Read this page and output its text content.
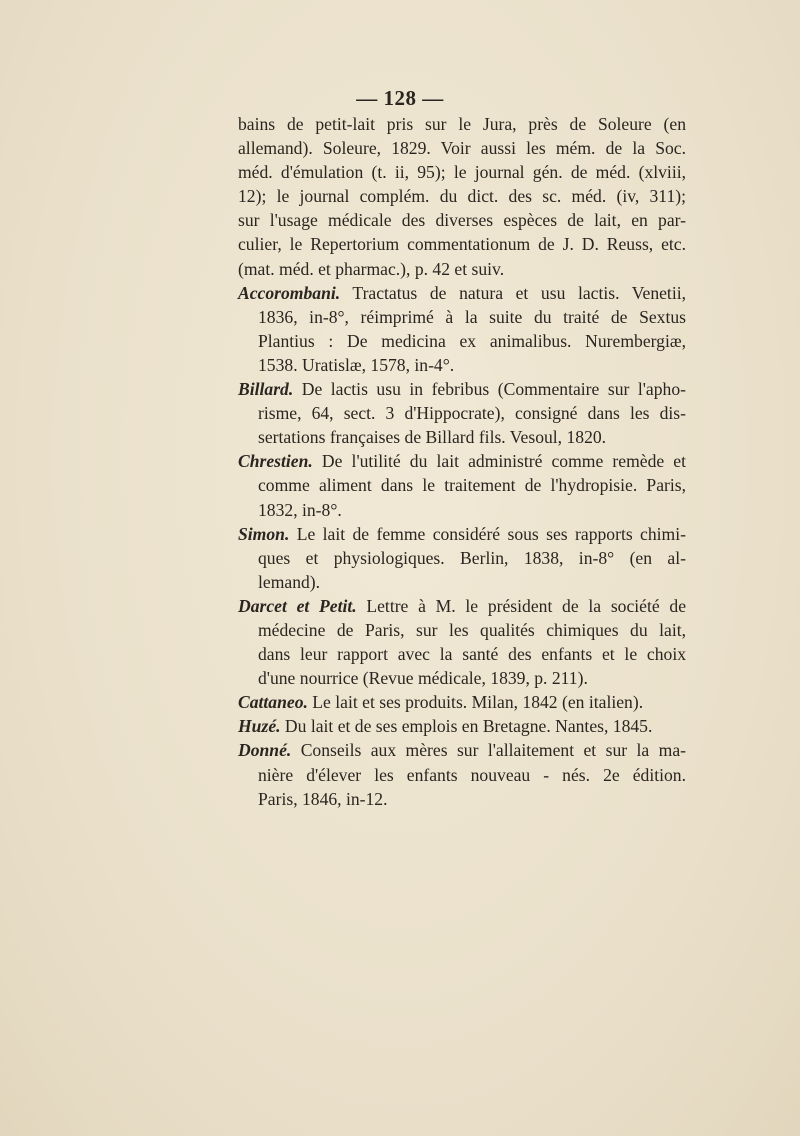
— 128 —
bains de petit-lait pris sur le Jura, près de Soleure (en
allemand). Soleure, 1829. Voir aussi les mém. de la Soc.
méd. d'émulation (t. ii, 95); le journal gén. de méd. (xlviii,
12); le journal complém. du dict. des sc. méd. (iv, 311);
sur l'usage médicale des diverses espèces de lait, en par-
culier, le Repertorium commentationum de J. D. Reuss, etc.
(mat. méd. et pharmac.), p. 42 et suiv.
Accorombani. Tractatus de natura et usu lactis. Venetii,
1836, in-8°, réimprimé à la suite du traité de Sextus
Plantius : De medicina ex animalibus. Nurembergiæ,
1538. Uratislæ, 1578, in-4°.
Billard. De lactis usu in febribus (Commentaire sur l'apho-
risme, 64, sect. 3 d'Hippocrate), consigné dans les dis-
sertations françaises de Billard fils. Vesoul, 1820.
Chrestien. De l'utilité du lait administré comme remède et
comme aliment dans le traitement de l'hydropisie. Paris,
1832, in-8°.
Simon. Le lait de femme considéré sous ses rapports chimi-
ques et physiologiques. Berlin, 1838, in-8° (en al-
lemand).
Darcet et Petit. Lettre à M. le président de la société de
médecine de Paris, sur les qualités chimiques du lait,
dans leur rapport avec la santé des enfants et le choix
d'une nourrice (Revue médicale, 1839, p. 211).
Cattaneo. Le lait et ses produits. Milan, 1842 (en italien).
Huzé. Du lait et de ses emplois en Bretagne. Nantes, 1845.
Donné. Conseils aux mères sur l'allaitement et sur la ma-
nière d'élever les enfants nouveau - nés. 2e édition.
Paris, 1846, in-12.
